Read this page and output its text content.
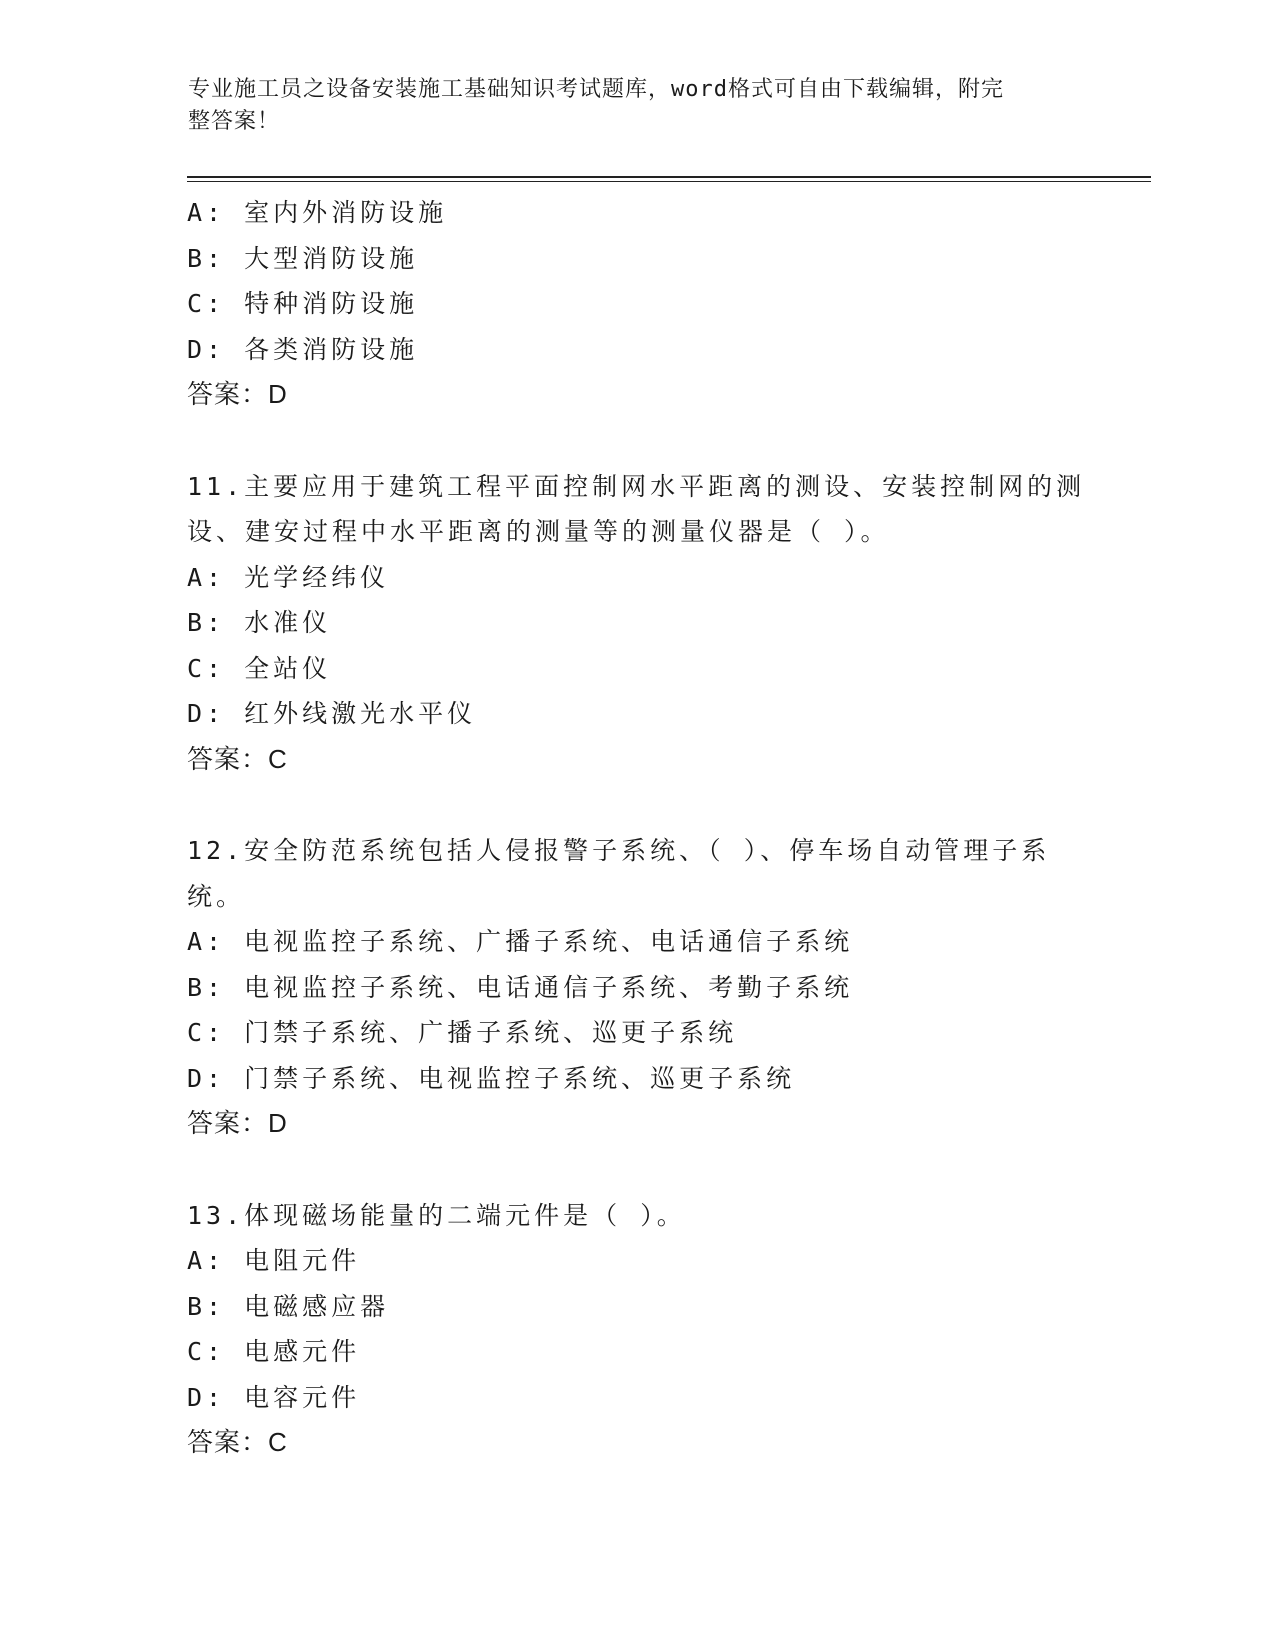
专业施工员之设备安装施工基础知识考试题库，word格式可自由下载编辑，附完
整答案！
A: 室内外消防设施
B: 大型消防设施
C: 特种消防设施
D: 各类消防设施
答案：D
11.主要应用于建筑工程平面控制网水平距离的测设、安装控制网的测
设、建安过程中水平距离的测量等的测量仪器是（ ）。
A: 光学经纬仪
B: 水准仪
C: 全站仪
D: 红外线激光水平仪
答案：C
12.安全防范系统包括人侵报警子系统、（ ）、停车场自动管理子系
统。
A: 电视监控子系统、广播子系统、电话通信子系统
B: 电视监控子系统、电话通信子系统、考勤子系统
C: 门禁子系统、广播子系统、巡更子系统
D: 门禁子系统、电视监控子系统、巡更子系统
答案：D
13.体现磁场能量的二端元件是（ ）。
A: 电阻元件
B: 电磁感应器
C: 电感元件
D: 电容元件
答案：C
